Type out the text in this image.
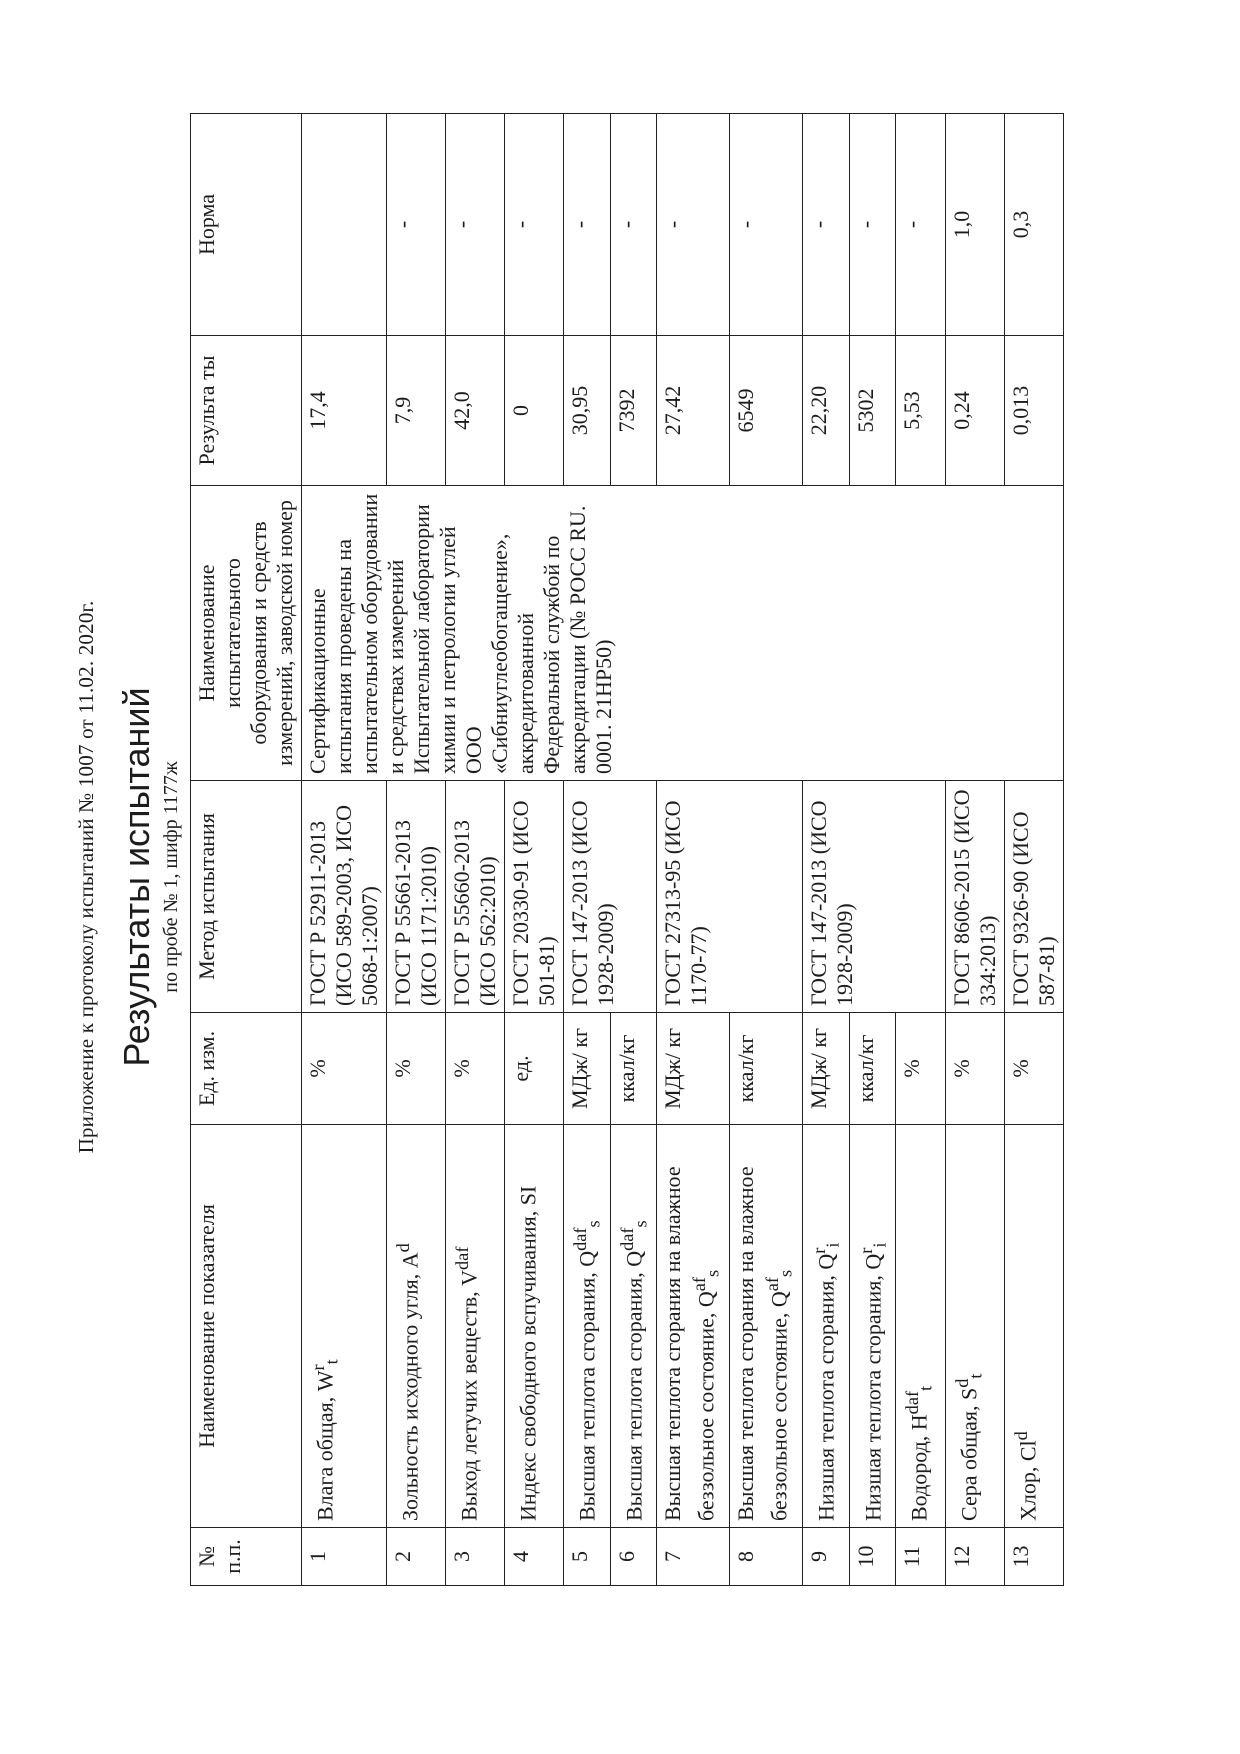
Приложение к протоколу испытаний № 1007 от 11.02. 2020г. Результаты испытаний по пробе № 1, шифр 1177ж
№ п.п.	Наименование показателя	Ед. изм.	Метод испытания	Наименование испытательного оборудования и средств измерений, заводской номер	Результа ты	Норма
1	Влага общая, $W^r_t$	%	ГОСТ Р 52911-2013 (ИСО 589-2003, ИСО 5068-1:2007)	Сертификационные испытания проведены на испытательном оборудовании и средствах измерений Испытательной лаборатории химии и петрологии углей ООО «Сибниуглеобогащение», аккредитованной Федеральной службой по аккредитации (№ РОСС RU. 0001. 21НР50)	17,4	
2	Зольность исходного угля, $A^d$	%	ГОСТ Р 55661-2013 (ИСО 1171:2010)		7,9	-
3	Выход летучих веществ, $V^{daf}$	%	ГОСТ Р 55660-2013 (ИСО 562:2010)		42,0	-
4	Индекс свободного вспучивания, SI	ед.	ГОСТ 20330-91 (ИСО 501-81)		0	-
5	Высшая теплота сгорания, $Q^{daf}_s$	МДж/ кг	ГОСТ 147-2013 (ИСО 1928-2009)		30,95	-
6	Высшая теплота сгорания, $Q^{daf}_s$	ккал/кг			7392	-
7	Высшая теплота сгорания на влажное беззольное состояние, $Q^{af}_s$	МДж/ кг	ГОСТ 27313-95 (ИСО 1170-77)		27,42	-
8	Высшая теплота сгорания на влажное беззольное состояние, $Q^{af}_s$	ккал/кг			6549	-
9	Низшая теплота сгорания, $Q^r_i$	МДж/ кг	ГОСТ 147-2013 (ИСО 1928-2009)		22,20	-
10	Низшая теплота сгорания, $Q^r_i$	ккал/кг			5302	-
11	Водород, $H^{daf}_t$	%			5,53	-
12	Сера общая, $S^d_t$	%	ГОСТ 8606-2015 (ИСО 334:2013)		0,24	1,0
13	Хлор, Cl$^d$	%	ГОСТ 9326-90 (ИСО 587-81)		0,013	0,3
